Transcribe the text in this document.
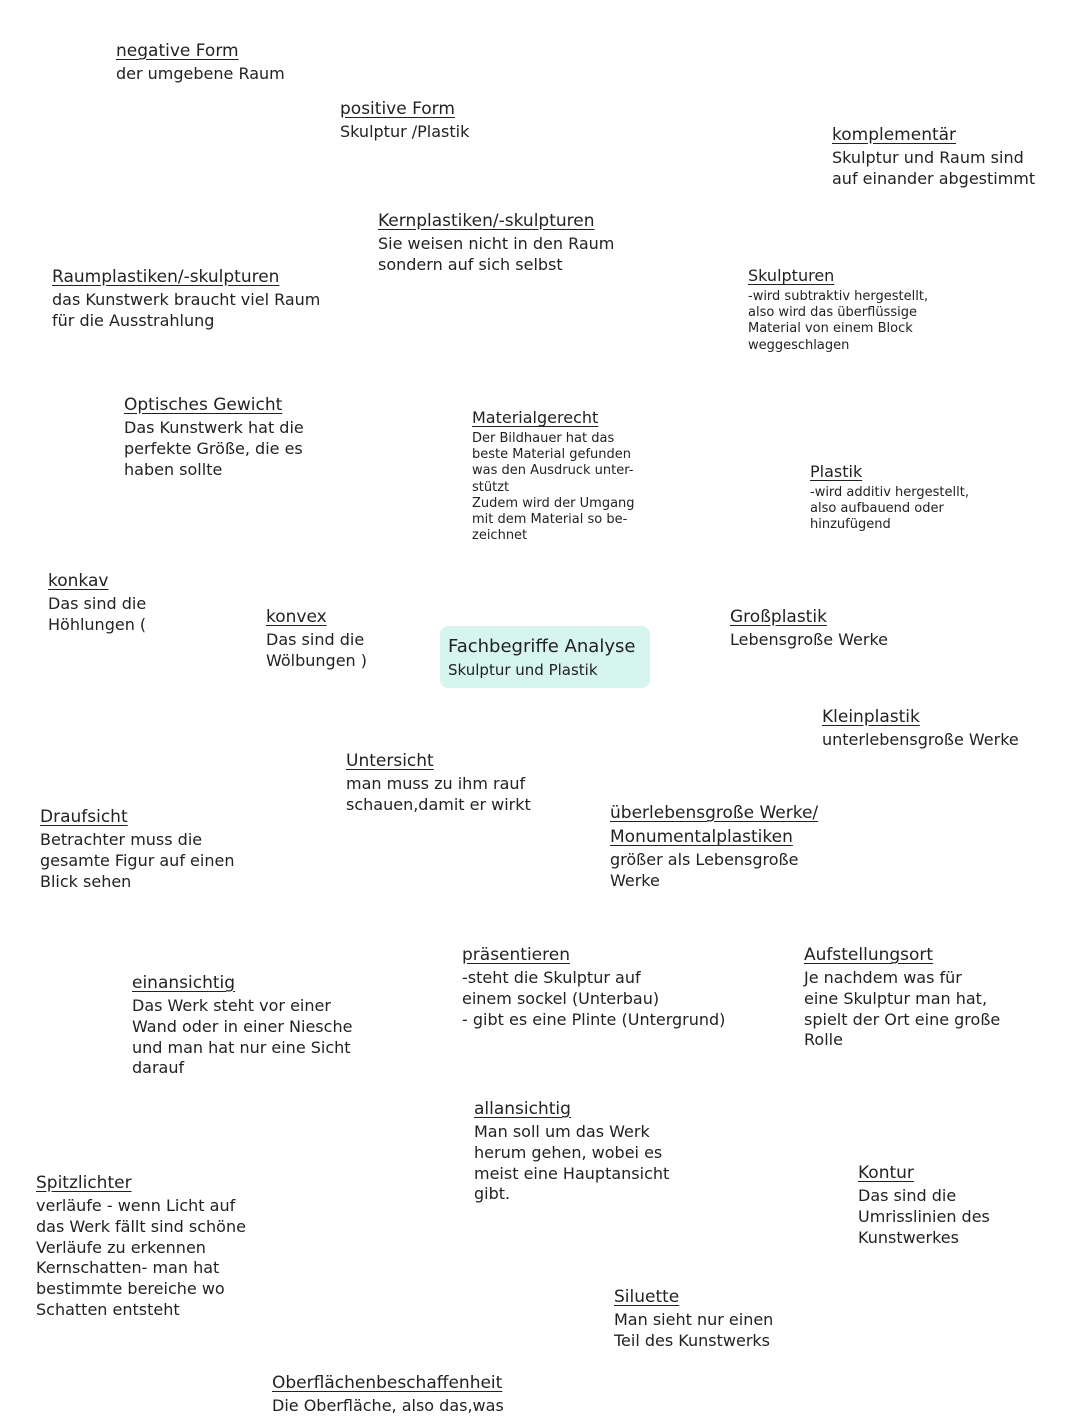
negative Form
der umgebene Raum
positive Form
Skulptur /Plastik	komplementär
Skulptur und Raum sind
auf einander abgestimmt
Kernplastiken/-skulpturen
Sie weisen nicht in den Raum
sondern auf sich selbst
Raumplastiken/-skulpturen
das Kunstwerk braucht viel Raum
für die Ausstrahlung
Skulpturen
-wird subtraktiv hergestellt,
also wird das überflüssige
Material von einem Block
weggeschlagen
Optisches Gewicht
Das Kunstwerk hat die
perfekte Größe, die es
haben sollte
Materialgerecht
Der Bildhauer hat das
beste Material gefunden
was den Ausdruck unter-
stützt
Zudem wird der Umgang
mit dem Material so be-
zeichnet
Plastik
-wird additiv hergestellt,
also aufbauend oder
hinzufügend
konkav
Das sind die
Höhlungen (	konvex
Das sind die
Wölbungen )
Fachbegriffe Analyse
Skulptur und Plastik
Großplastik
Lebensgroße Werke
Kleinplastik
unterlebensgroße Werke
Untersicht
man muss zu ihm rauf
schauen,damit er wirkt
Draufsicht
Betrachter muss die
gesamte Figur auf einen
Blick sehen
überlebensgroße Werke/
Monumentalplastiken
größer als Lebensgroße
Werke
präsentieren
-steht die Skulptur auf
einem sockel (Unterbau)
- gibt es eine Plinte (Untergrund)
Aufstellungsort
Je nachdem was für
eine Skulptur man hat,
spielt der Ort eine große
Rolle
einansichtig
Das Werk steht vor einer
Wand oder in einer Niesche
und man hat nur eine Sicht
darauf
allansichtig
Man soll um das Werk
herum gehen, wobei es
meist eine Hauptansicht
gibt.
Spitzlichter
verläufe - wenn Licht auf
das Werk fällt sind schöne
Verläufe zu erkennen
Kernschatten- man hat
bestimmte bereiche wo
Schatten entsteht
Kontur
Das sind die
Umrisslinien des
Kunstwerkes
Siluette
Man sieht nur einen
Teil des Kunstwerks
Oberflächenbeschaffenheit
Die Oberfläche, also das,was
